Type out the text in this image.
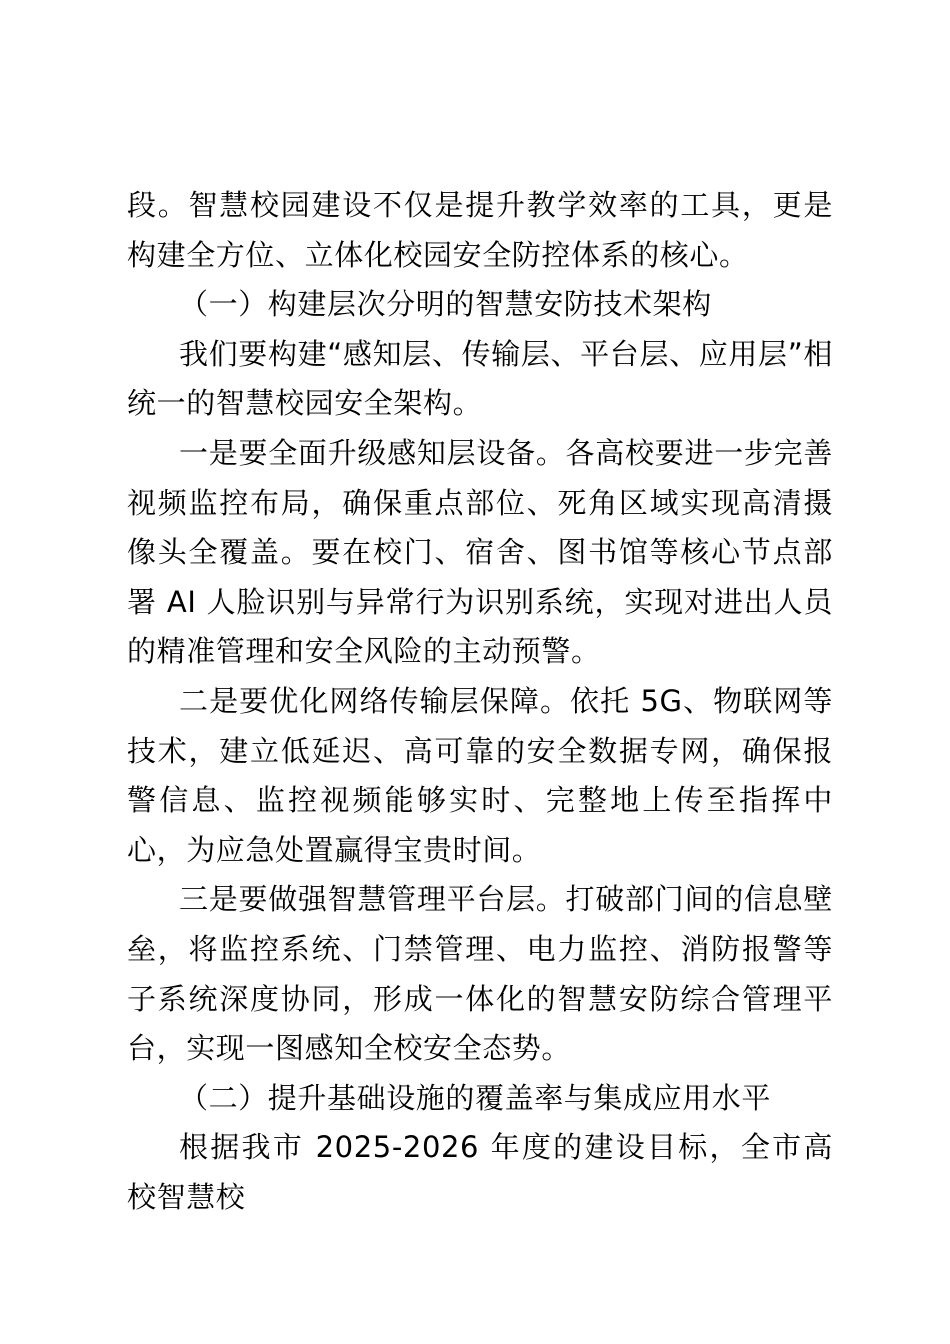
段。智慧校园建设不仅是提升教学效率的工具，更是构建全方位、立体化校园安全防控体系的核心。

（一）构建层次分明的智慧安防技术架构

我们要构建“感知层、传输层、平台层、应用层”相统一的智慧校园安全架构。

一是要全面升级感知层设备。各高校要进一步完善视频监控布局，确保重点部位、死角区域实现高清摄像头全覆盖。要在校门、宿舍、图书馆等核心节点部署 AI 人脸识别与异常行为识别系统，实现对进出人员的精准管理和安全风险的主动预警。

二是要优化网络传输层保障。依托 5G、物联网等技术，建立低延迟、高可靠的安全数据专网，确保报警信息、监控视频能够实时、完整地上传至指挥中心，为应急处置赢得宝贵时间。

三是要做强智慧管理平台层。打破部门间的信息壁垒，将监控系统、门禁管理、电力监控、消防报警等子系统深度协同，形成一体化的智慧安防综合管理平台，实现一图感知全校安全态势。

（二）提升基础设施的覆盖率与集成应用水平

根据我市 2025-2026 年度的建设目标，全市高校智慧校
